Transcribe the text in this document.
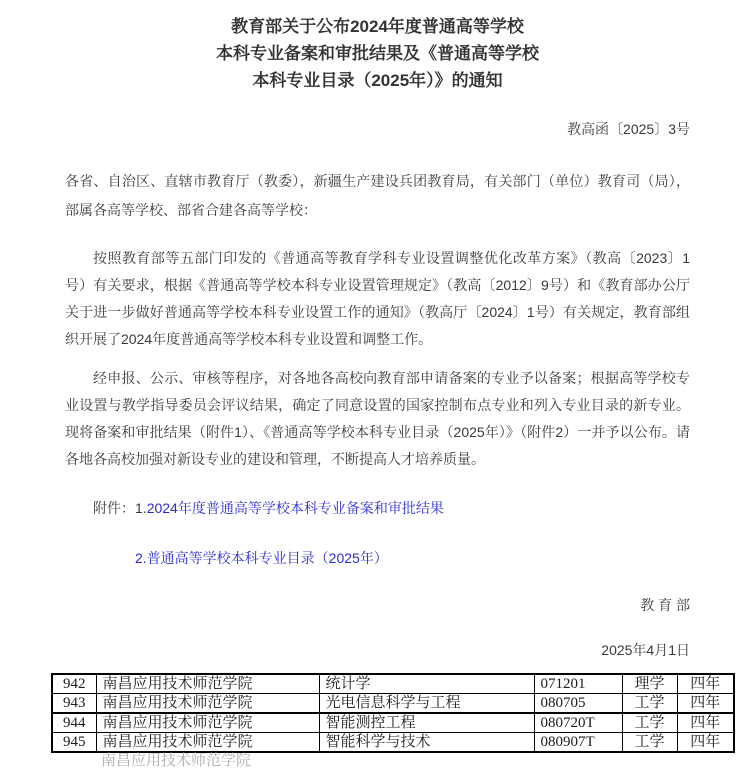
教育部关于公布2024年度普通高等学校
本科专业备案和审批结果及《普通高等学校
本科专业目录（2025年）》的通知
教高函〔2025〕3号
各省、自治区、直辖市教育厅（教委），新疆生产建设兵团教育局，有关部门（单位）教育司（局），部属各高等学校、部省合建各高等学校：
按照教育部等五部门印发的《普通高等教育学科专业设置调整优化改革方案》（教高〔2023〕1号）有关要求，根据《普通高等学校本科专业设置管理规定》（教高〔2012〕9号）和《教育部办公厅关于进一步做好普通高等学校本科专业设置工作的通知》（教高厅〔2024〕1号）有关规定，教育部组织开展了2024年度普通高等学校本科专业设置和调整工作。
经申报、公示、审核等程序，对各地各高校向教育部申请备案的专业予以备案；根据高等学校专业设置与教学指导委员会评议结果，确定了同意设置的国家控制布点专业和列入专业目录的新专业。现将备案和审批结果（附件1）、《普通高等学校本科专业目录（2025年）》（附件2）一并予以公布。请各地各高校加强对新设专业的建设和管理，不断提高人才培养质量。
附件： 1.2024年度普通高等学校本科专业备案和审批结果
2.普通高等学校本科专业目录（2025年）
教 育 部
2025年4月1日
942	南昌应用技术师范学院	统计学	071201	理学	四年
943	南昌应用技术师范学院	光电信息科学与工程	080705	工学	四年
944	南昌应用技术师范学院	智能测控工程	080720T	工学	四年
945	南昌应用技术师范学院	智能科学与技术	080907T	工学	四年
南昌应用技术师范学院
